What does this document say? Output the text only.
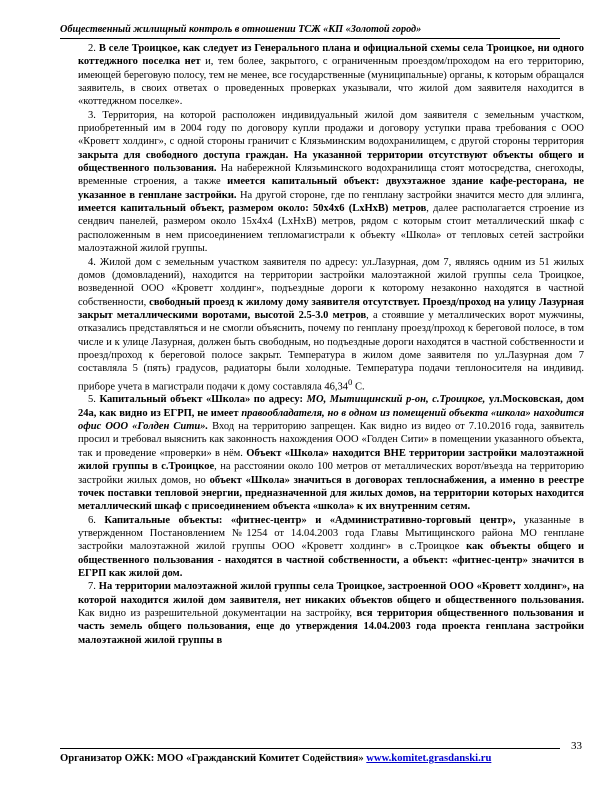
Общественный жилищный контроль в отношении ТСЖ «КП «Золотой город»

2. В селе Троицкое, как следует из Генерального плана и официальной схемы села Троицкое, ни одного коттеджного поселка нет и, тем более, закрытого, с ограниченным проездом/проходом на его территорию, имеющей береговую полосу, тем не менее, все государственные (муниципальные) органы, к которым обращался заявитель, в своих ответах о проведенных проверках указывали, что жилой дом заявителя находится в «коттеджном поселке».

3. Территория, на которой расположен индивидуальный жилой дом заявителя с земельным участком, приобретенный им в 2004 году по договору купли продажи и договору уступки права требования с ООО «Кроветт холдинг», с одной стороны граничит с Клязьминским водохранилищем, с другой стороны территория закрыта для свободного доступа граждан. На указанной территории отсутствуют объекты общего и общественного пользования. На набережной Клязьминского водохранилища стоят мотосредства, снегоходы, временные строения, а также имеется капитальный объект: двухэтажное здание кафе-ресторана, не указанное в генплане застройки. На другой стороне, где по генплану застройки значится место для эллинга, имеется капитальный объект, размером около: 50х4х6 (LxHxB) метров, далее располагается строение из сендвич панелей, размером около 15х4х4 (LxHxB) метров, рядом с которым стоит металлический шкаф с расположенным в нем присоединением тепломагистрали к объекту «Школа» от тепловых сетей застройки малоэтажной жилой группы.

4. Жилой дом с земельным участком заявителя по адресу: ул.Лазурная, дом 7, являясь одним из 51 жилых домов (домовладений), находится на территории застройки малоэтажной жилой группы села Троицкое, возведенной ООО «Кроветт холдинг», подъездные дороги к которому незаконно находятся в частной собственности, свободный проезд к жилому дому заявителя отсутствует. Проезд/проход на улицу Лазурная закрыт металлическими воротами, высотой 2.5-3.0 метров, а стоявшие у металлических ворот мужчины, отказались представляться и не смогли объяснить, почему по генплану проезд/проход к береговой полосе, в том числе и к улице Лазурная, должен быть свободным, но подъездные дороги находятся в частной собственности и проезд/проход к береговой полосе закрыт. Температура в жилом доме заявителя по ул.Лазурная дом 7 составляла 5 (пять) градусов, радиаторы были холодные. Температура подачи теплоносителя на индивид. приборе учета в магистрали подачи к дому составляла 46,34$^0$ С.

5. Капитальный объект «Школа» по адресу: МО, Мытищинский р-он, с.Троицкое, ул.Московская, дом 24а, как видно из ЕГРП, не имеет правообладателя, но в одном из помещений объекта «школа» находится офис ООО «Голден Сити». Вход на территорию запрещен. Как видно из видео от 7.10.2016 года, заявитель просил и требовал выяснить как законность нахождения ООО «Голден Сити» в помещении указанного объекта, так и проведение «проверки» в нём. Объект «Школа» находится ВНЕ территории застройки малоэтажной жилой группы в с.Троицкое, на расстоянии около 100 метров от металлических ворот/въезда на территорию застройки жилых домов, но объект «Школа» значиться в договорах теплоснабжения, а именно в реестре точек поставки тепловой энергии, предназначенной для жилых домов, на территории которых находится металлический шкаф с присоединением объекта «школа» к их внутренним сетям.

6. Капитальные объекты: «фитнес-центр» и «Административно-торговый центр», указанные в утвержденном Постановлением №1254 от 14.04.2003 года Главы Мытищинского района МО генплане застройки малоэтажной жилой группы ООО «Кроветт холдинг» в с.Троицкое как объекты общего и общественного пользования - находятся в частной собственности, а объект: «фитнес-центр» значится в ЕГРП как жилой дом.

7. На территории малоэтажной жилой группы села Троицкое, застроенной ООО «Кроветт холдинг», на которой находится жилой дом заявителя, нет никаких объектов общего и общественного пользования. Как видно из разрешительной документации на застройку, вся территория общественного пользования и часть земель общего пользования, еще до утверждения 14.04.2003 года проекта генплана застройки малоэтажной жилой группы в

33
Организатор ОЖК: МОО «Гражданский Комитет Содействия» www.komitet.grasdanski.ru
